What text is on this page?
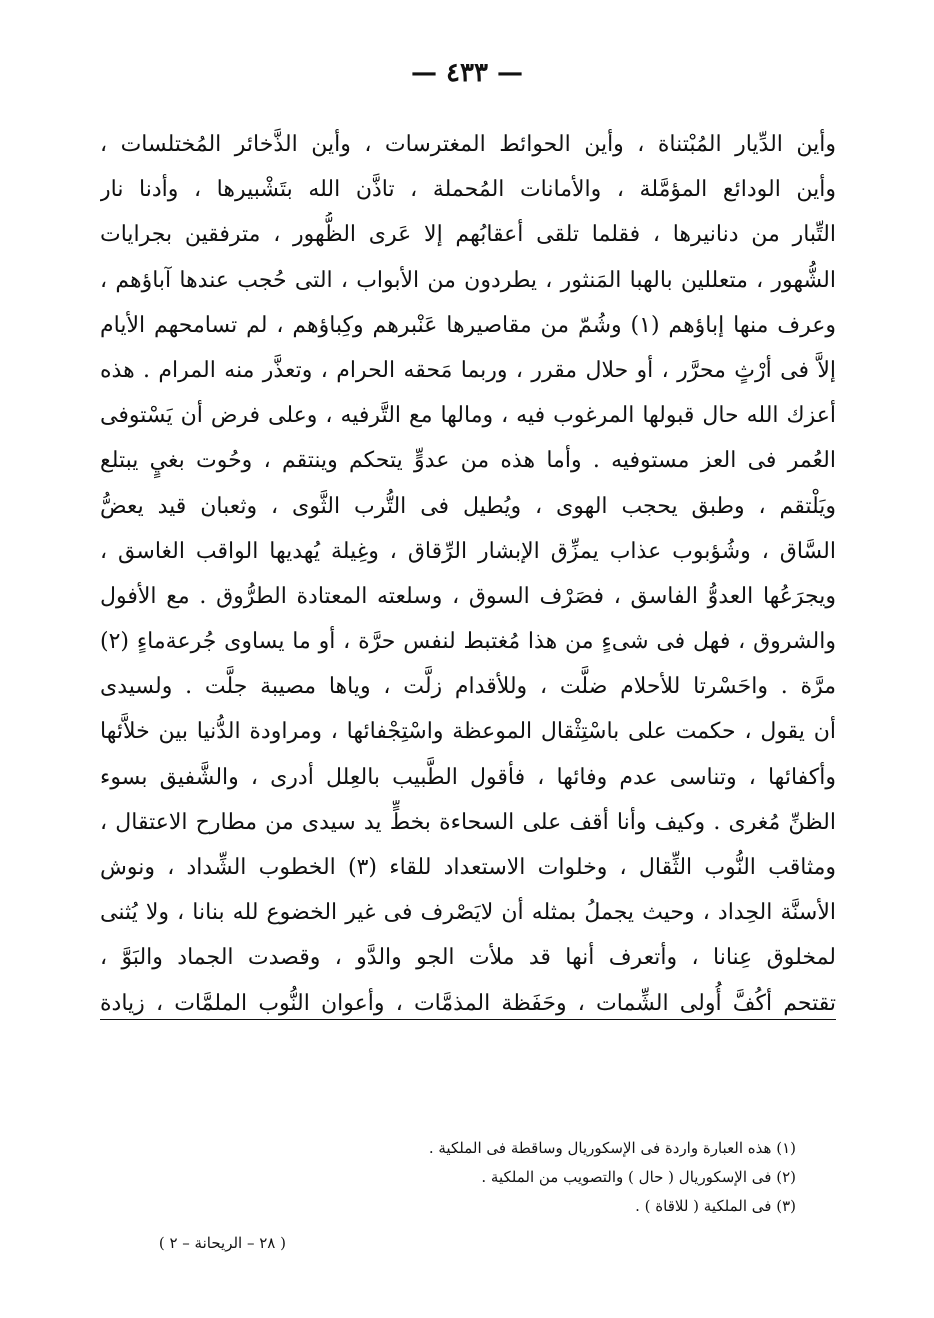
— ٤٣٣ —
وأين الدِّيار المُبْتناة ، وأين الحوائط المغترسات ، وأين الذَّخائر المُختلسات ،
وأين الودائع المؤمَّلة ، والأمانات المُحملة ، تاذَّن الله بتَشْبيرها ، وأدنا نار
التِّبار من دنانيرها ، فقلما تلقى أعقابُهم إلا عَرى الظُّهور ، مترفقين بجرايات
الشُّهور ، متعللين بالهبا المَنثور ، يطردون من الأبواب ، التى حُجب عندها آباؤهم ،
وعرف منها إباؤهم (١) وشُمّ من مقاصيرها عَنْبرهم وكِباؤهم ، لم تسامحهم الأيام
إلاَّ فى أرْثٍ محرَّر ، أو حلال مقرر ، وربما مَحقه الحرام ، وتعذَّر منه المرام . هذه
أعزك الله حال قبولها المرغوب فيه ، ومالها مع التَّرفيه ، وعلى فرض أن يَسْتوفى
العُمر فى العز مستوفيه . وأما هذه من عدوٍّ يتحكم وينتقم ، وحُوت بغيٍ يبتلع
ويَلْتقم ، وطبق يحجب الهوى ، ويُطيل فى التُّرب الثَّوى ، وثعبان قيد يعضُّ
السَّاق ، وشُؤبوب عذاب يمزِّق الإبشار الرِّقاق ، وغِيلة يُهديها الواقب الغاسق ،
ويجرَعُها العدوُّ الفاسق ، فصَرْف السوق ، وسلعته المعتادة الطرُّوق . مع الأفول
والشروق ، فهل فى شىءٍ من هذا مُغتبط لنفس حرَّة ، أو ما يساوى جُرعةماءٍ (٢)
مرَّة . واحَسْرتا للأحلام ضلَّت ، وللأقدام زلَّت ، وياها مصيبة جلَّت . ولسيدى
أن يقول ، حكمت على باسْتِثْقال الموعظة واسْتِجْفائها ، ومراودة الدُّنيا بين خلاَّئها
وأكفائها ، وتناسى عدم وفائها ، فأقول الطَّبيب بالعِلل أدرى ، والشَّفيق بسوء
الظنِّ مُغرى . وكيف وأنا أقف على السحاءة بخطٍّ يد سيدى من مطارح الاعتقال ،
ومثاقب النُّوب الثِّقال ، وخلوات الاستعداد للقاء (٣) الخطوب الشِّداد ، ونوش
الأسنَّة الحِداد ، وحيث يجملُ بمثله أن لايَصْرف فى غير الخضوع لله بنانا ، ولا يُثنى
لمخلوق عِنانا ، وأتعرف أنها قد ملأت الجو والدَّو ، وقصدت الجماد والبَوَّ ،
تقتحم أكُفَّ أُولى الشِّمات ، وحَفَظة المذمَّات ، وأعوان النُّوب الملمَّات ، زيادة
(١) هذه العبارة واردة فى الإسكوريال وساقطة فى الملكية .
(٢) فى الإسكوريال ( حال ) والتصويب من الملكية .
(٣) فى الملكية ( للاقاة ) .
( ٢٨ – الريحانة – ٢ )
